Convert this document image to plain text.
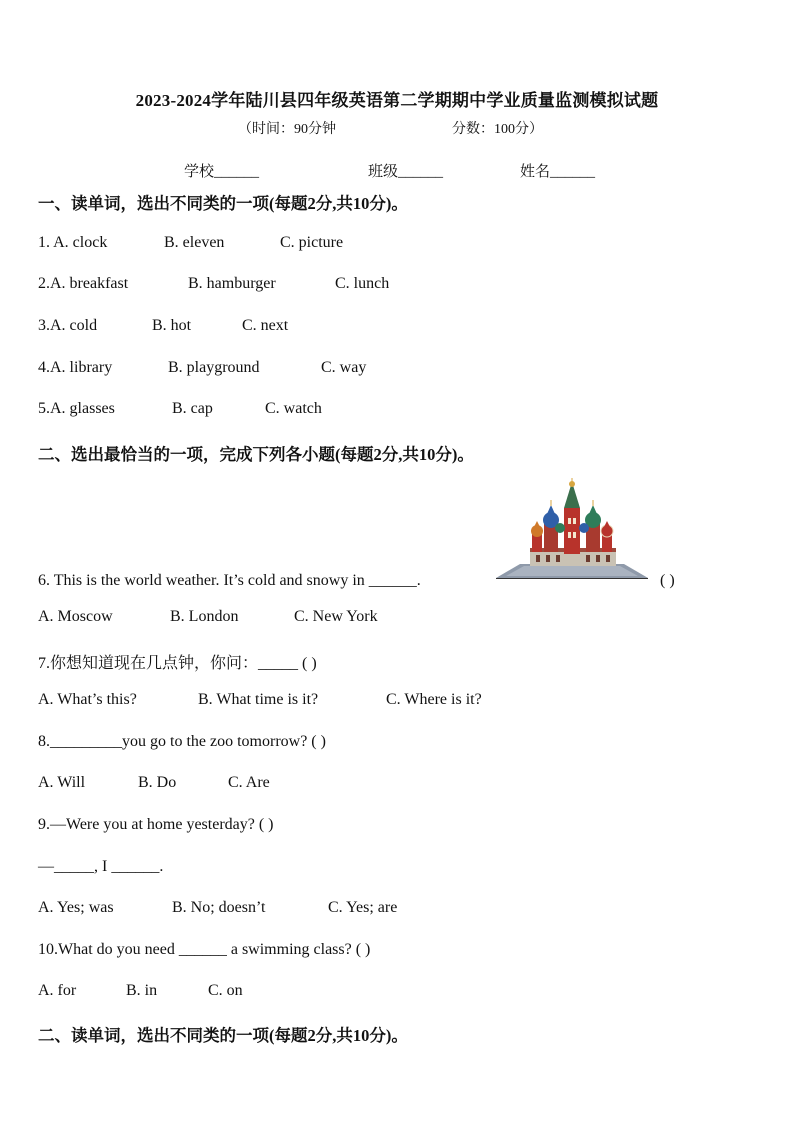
2023-2024学年陆川县四年级英语第二学期期中学业质量监测模拟试题
（时间：90分钟	分数：100分）
学校______	班级______	姓名______
一、读单词，选出不同类的一项(每题2分,共10分)。
1. A. clock	B. eleven	C. picture
2.A. breakfast	B. hamburger	C. lunch
3.A. cold	B. hot	C. next
4.A. library	B. playground	C. way
5.A. glasses	B. cap	C. watch
二、选出最恰当的一项，完成下列各小题(每题2分,共10分)。
6. This is the world weather. It’s cold and snowy in ______.	( )
A. Moscow	B. London	C. New York
7.你想知道现在几点钟，你问：_____ ( )
A. What’s this?	B. What time is it?	C. Where is it?
8._________you go to the zoo tomorrow? ( )
A. Will	B. Do	C. Are
9.—Were you at home yesterday? ( )
—_____, I ______.
A. Yes; was	B. No; doesn’t	C. Yes; are
10.What do you need ______ a swimming class? ( )
A. for	B. in	C. on
二、读单词，选出不同类的一项(每题2分,共10分)。
